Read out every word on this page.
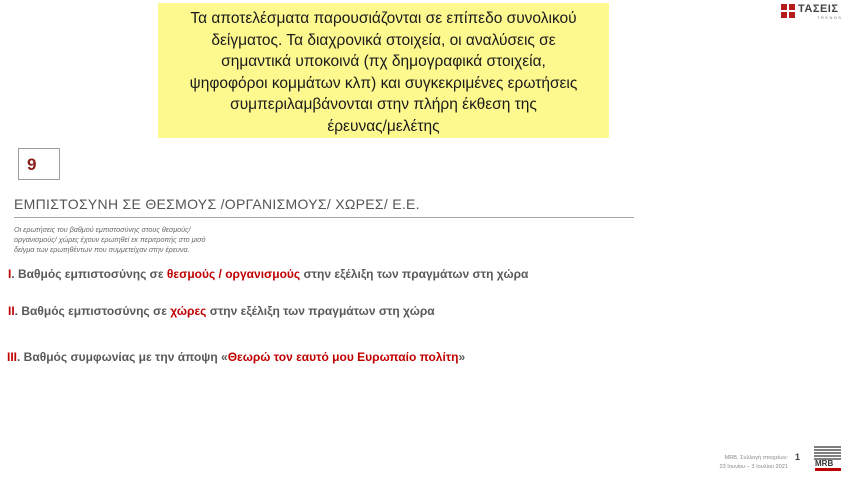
Τα αποτελέσματα παρουσιάζονται σε επίπεδο συνολικού
δείγματος. Τα διαχρονικά στοιχεία, οι αναλύσεις σε
σημαντικά υποκοινά (πχ δημογραφικά στοιχεία,
ψηφοφόροι κομμάτων κλπ) και συγκεκριμένες ερωτήσεις
συμπεριλαμβάνονται στην πλήρη έκθεση της
έρευνας/μελέτης
ΤΑΣΕΙΣ
TRENDS
9
ΕΜΠΙΣΤΟΣΥΝΗ ΣΕ ΘΕΣΜΟΥΣ /ΟΡΓΑΝΙΣΜΟΥΣ/ ΧΩΡΕΣ/ Ε.Ε.
Οι ερωτήσεις του βαθμού εμπιστοσύνης στους θεσμούς/
οργανισμούς/ χώρες έχουν ερωτηθεί εκ περιτροπής στο μισό
δείγμα των ερωτηθέντων που συμμετείχαν στην έρευνα.
I. Βαθμός εμπιστοσύνης σε θεσμούς / οργανισμούς στην εξέλιξη των πραγμάτων στη χώρα
II. Βαθμός εμπιστοσύνης σε χώρες στην εξέλιξη των πραγμάτων στη χώρα
III. Βαθμός συμφωνίας με την άποψη «Θεωρώ τον εαυτό μου Ευρωπαίο πολίτη»
MRB, Συλλογή στοιχείων:
23 Ιουνίου – 3 Ιουλίου 2021
1
MRB
